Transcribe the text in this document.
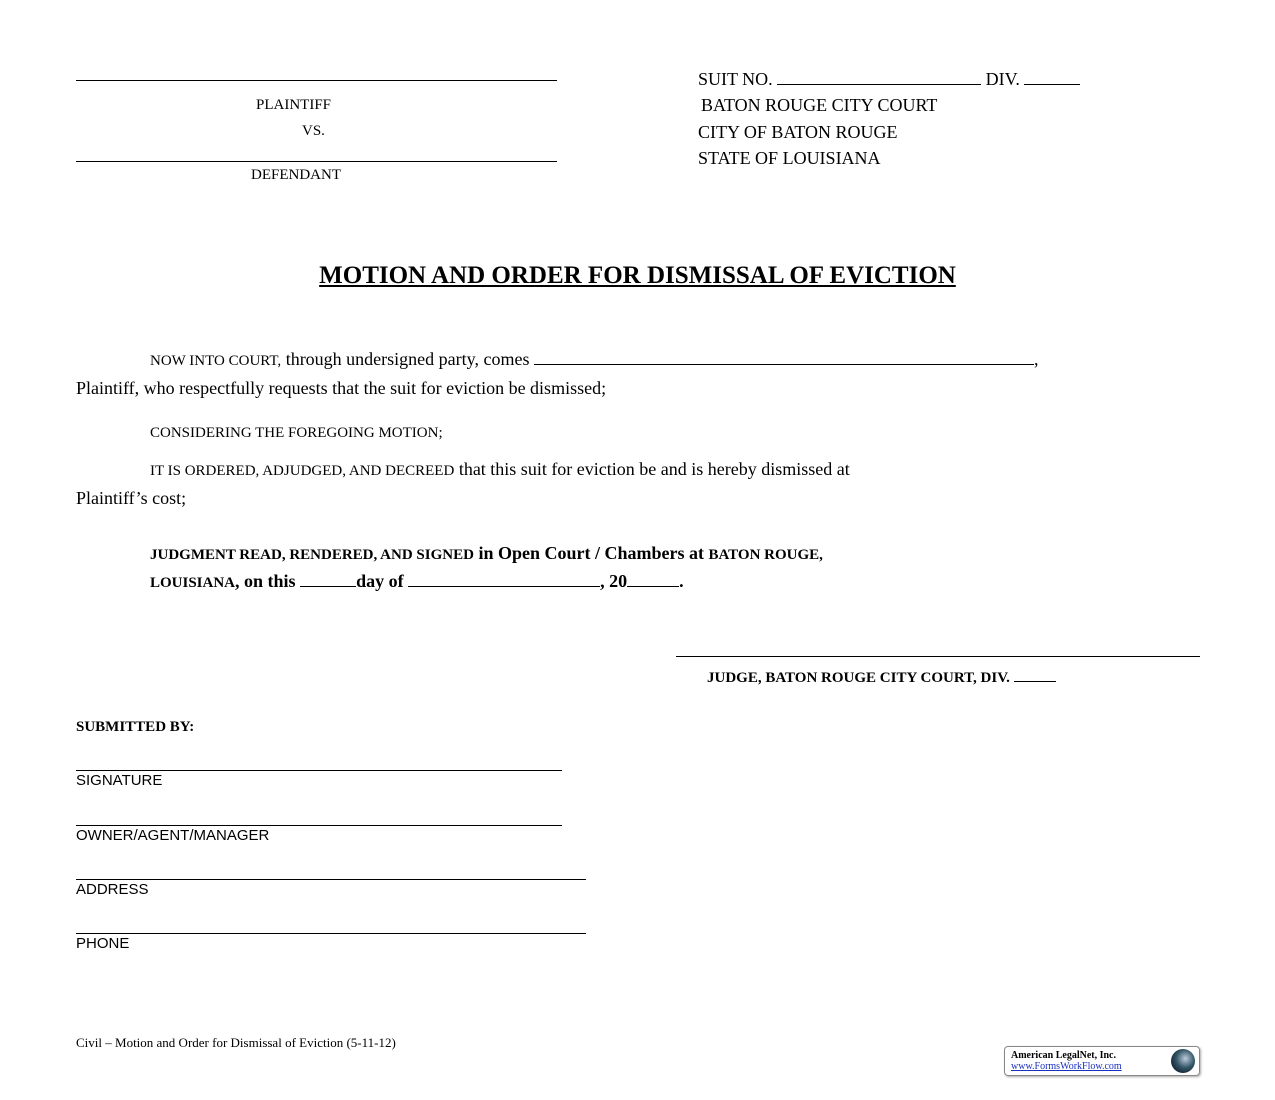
PLAINTIFF
VS.
DEFENDANT
SUIT NO.	DIV.
BATON ROUGE CITY COURT
CITY OF BATON ROUGE
STATE OF LOUISIANA
MOTION AND ORDER FOR DISMISSAL OF EVICTION
NOW INTO COURT, through undersigned party, comes	,
Plaintiff, who respectfully requests that the suit for eviction be dismissed;
CONSIDERING THE FOREGOING MOTION;
IT IS ORDERED, ADJUDGED, AND DECREED that this suit for eviction be and is hereby dismissed at
Plaintiff’s cost;
JUDGMENT READ, RENDERED, AND SIGNED in Open Court / Chambers at BATON ROUGE,
LOUISIANA, on this	day of	, 20	.
JUDGE, BATON ROUGE CITY COURT, DIV.
SUBMITTED BY:
SIGNATURE
OWNER/AGENT/MANAGER
ADDRESS
PHONE
Civil – Motion and Order for Dismissal of Eviction (5-11-12)
American LegalNet, Inc.
www.FormsWorkFlow.com
